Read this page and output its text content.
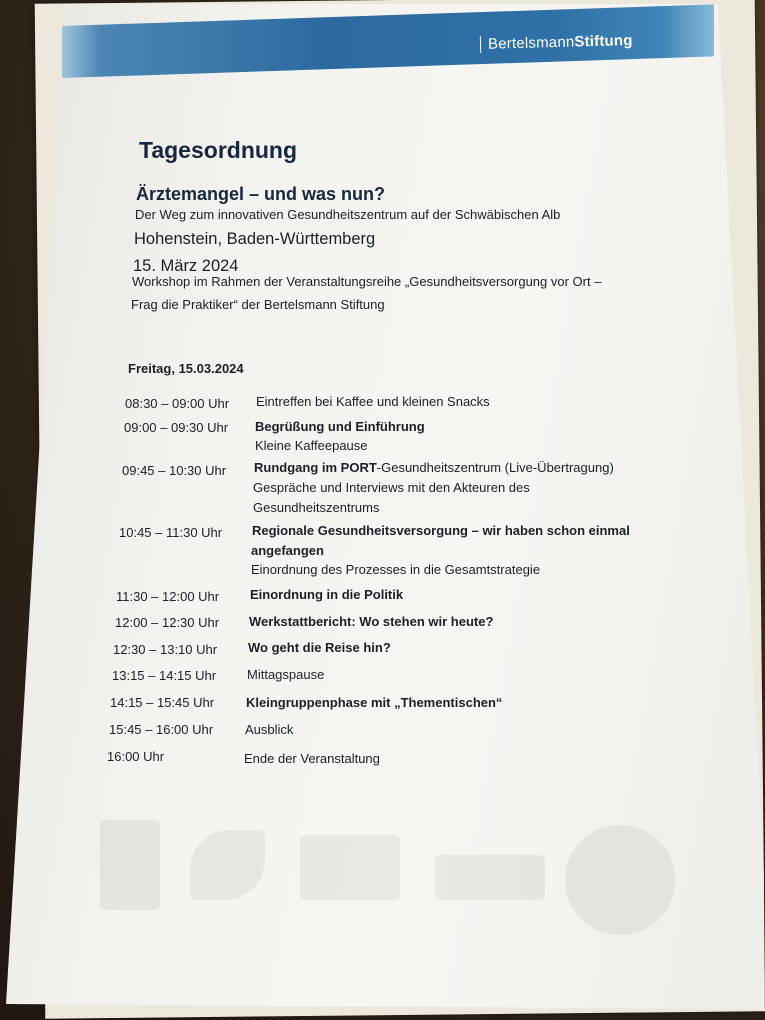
BertelsmannStiftung
Tagesordnung
Ärztemangel – und was nun?
Der Weg zum innovativen Gesundheitszentrum auf der Schwäbischen Alb
Hohenstein, Baden-Württemberg
15. März 2024
Workshop im Rahmen der Veranstaltungsreihe „Gesundheitsversorgung vor Ort –
Frag die Praktiker“ der Bertelsmann Stiftung
Freitag, 15.03.2024
08:30 – 09:00 Uhr Eintreffen bei Kaffee und kleinen Snacks
09:00 – 09:30 Uhr Begrüßung und Einführung
Kleine Kaffeepause
09:45 – 10:30 Uhr Rundgang im PORT-Gesundheitszentrum (Live-Übertragung)
Gespräche und Interviews mit den Akteuren des
Gesundheitszentrums
10:45 – 11:30 Uhr Regionale Gesundheitsversorgung – wir haben schon einmal
angefangen
Einordnung des Prozesses in die Gesamtstrategie
11:30 – 12:00 Uhr Einordnung in die Politik
12:00 – 12:30 Uhr Werkstattbericht: Wo stehen wir heute?
12:30 – 13:10 Uhr Wo geht die Reise hin?
13:15 – 14:15 Uhr Mittagspause
14:15 – 15:45 Uhr Kleingruppenphase mit „Thementischen“
15:45 – 16:00 Uhr Ausblick
16:00 Uhr	Ende der Veranstaltung
